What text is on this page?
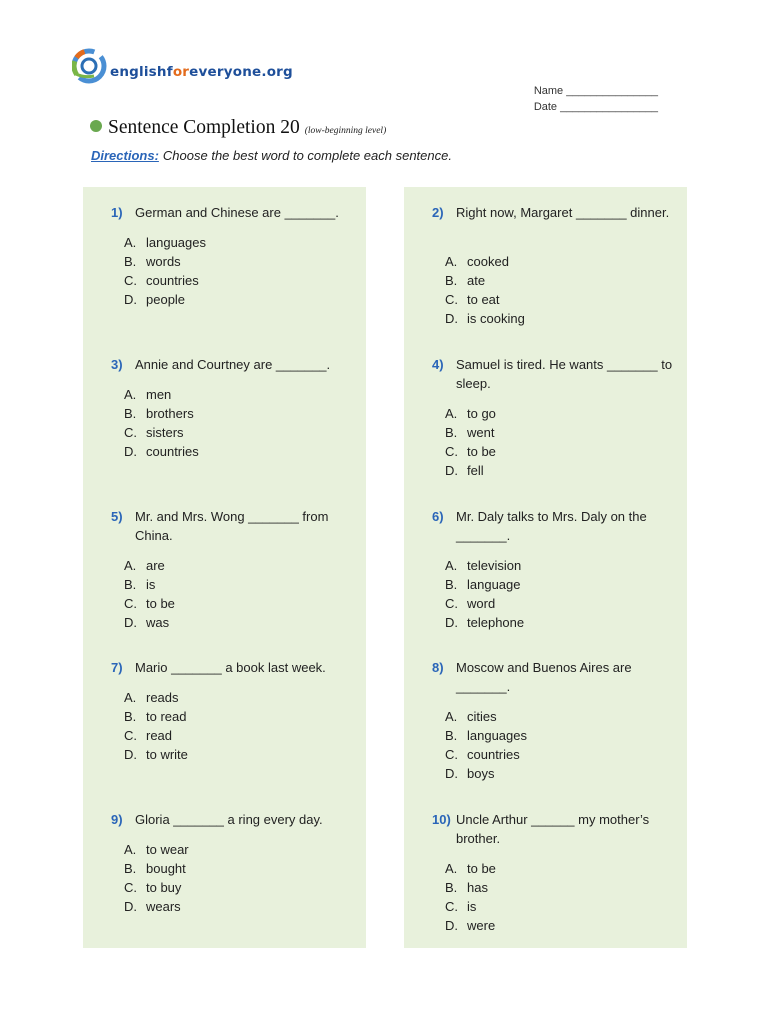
englishforeveryone.org
Name _______________
Date ________________
Sentence Completion 20 (low-beginning level)
Directions: Choose the best word to complete each sentence.
1) German and Chinese are _______.
A. languages
B. words
C. countries
D. people
2) Right now, Margaret _______ dinner.
A. cooked
B. ate
C. to eat
D. is cooking
3) Annie and Courtney are _______.
A. men
B. brothers
C. sisters
D. countries
4) Samuel is tired. He wants _______ to sleep.
A. to go
B. went
C. to be
D. fell
5) Mr. and Mrs. Wong _______ from China.
A. are
B. is
C. to be
D. was
6) Mr. Daly talks to Mrs. Daly on the _______.
A. television
B. language
C. word
D. telephone
7) Mario _______ a book last week.
A. reads
B. to read
C. read
D. to write
8) Moscow and Buenos Aires are _______.
A. cities
B. languages
C. countries
D. boys
9) Gloria _______ a ring every day.
A. to wear
B. bought
C. to buy
D. wears
10) Uncle Arthur ______ my mother’s brother.
A. to be
B. has
C. is
D. were
